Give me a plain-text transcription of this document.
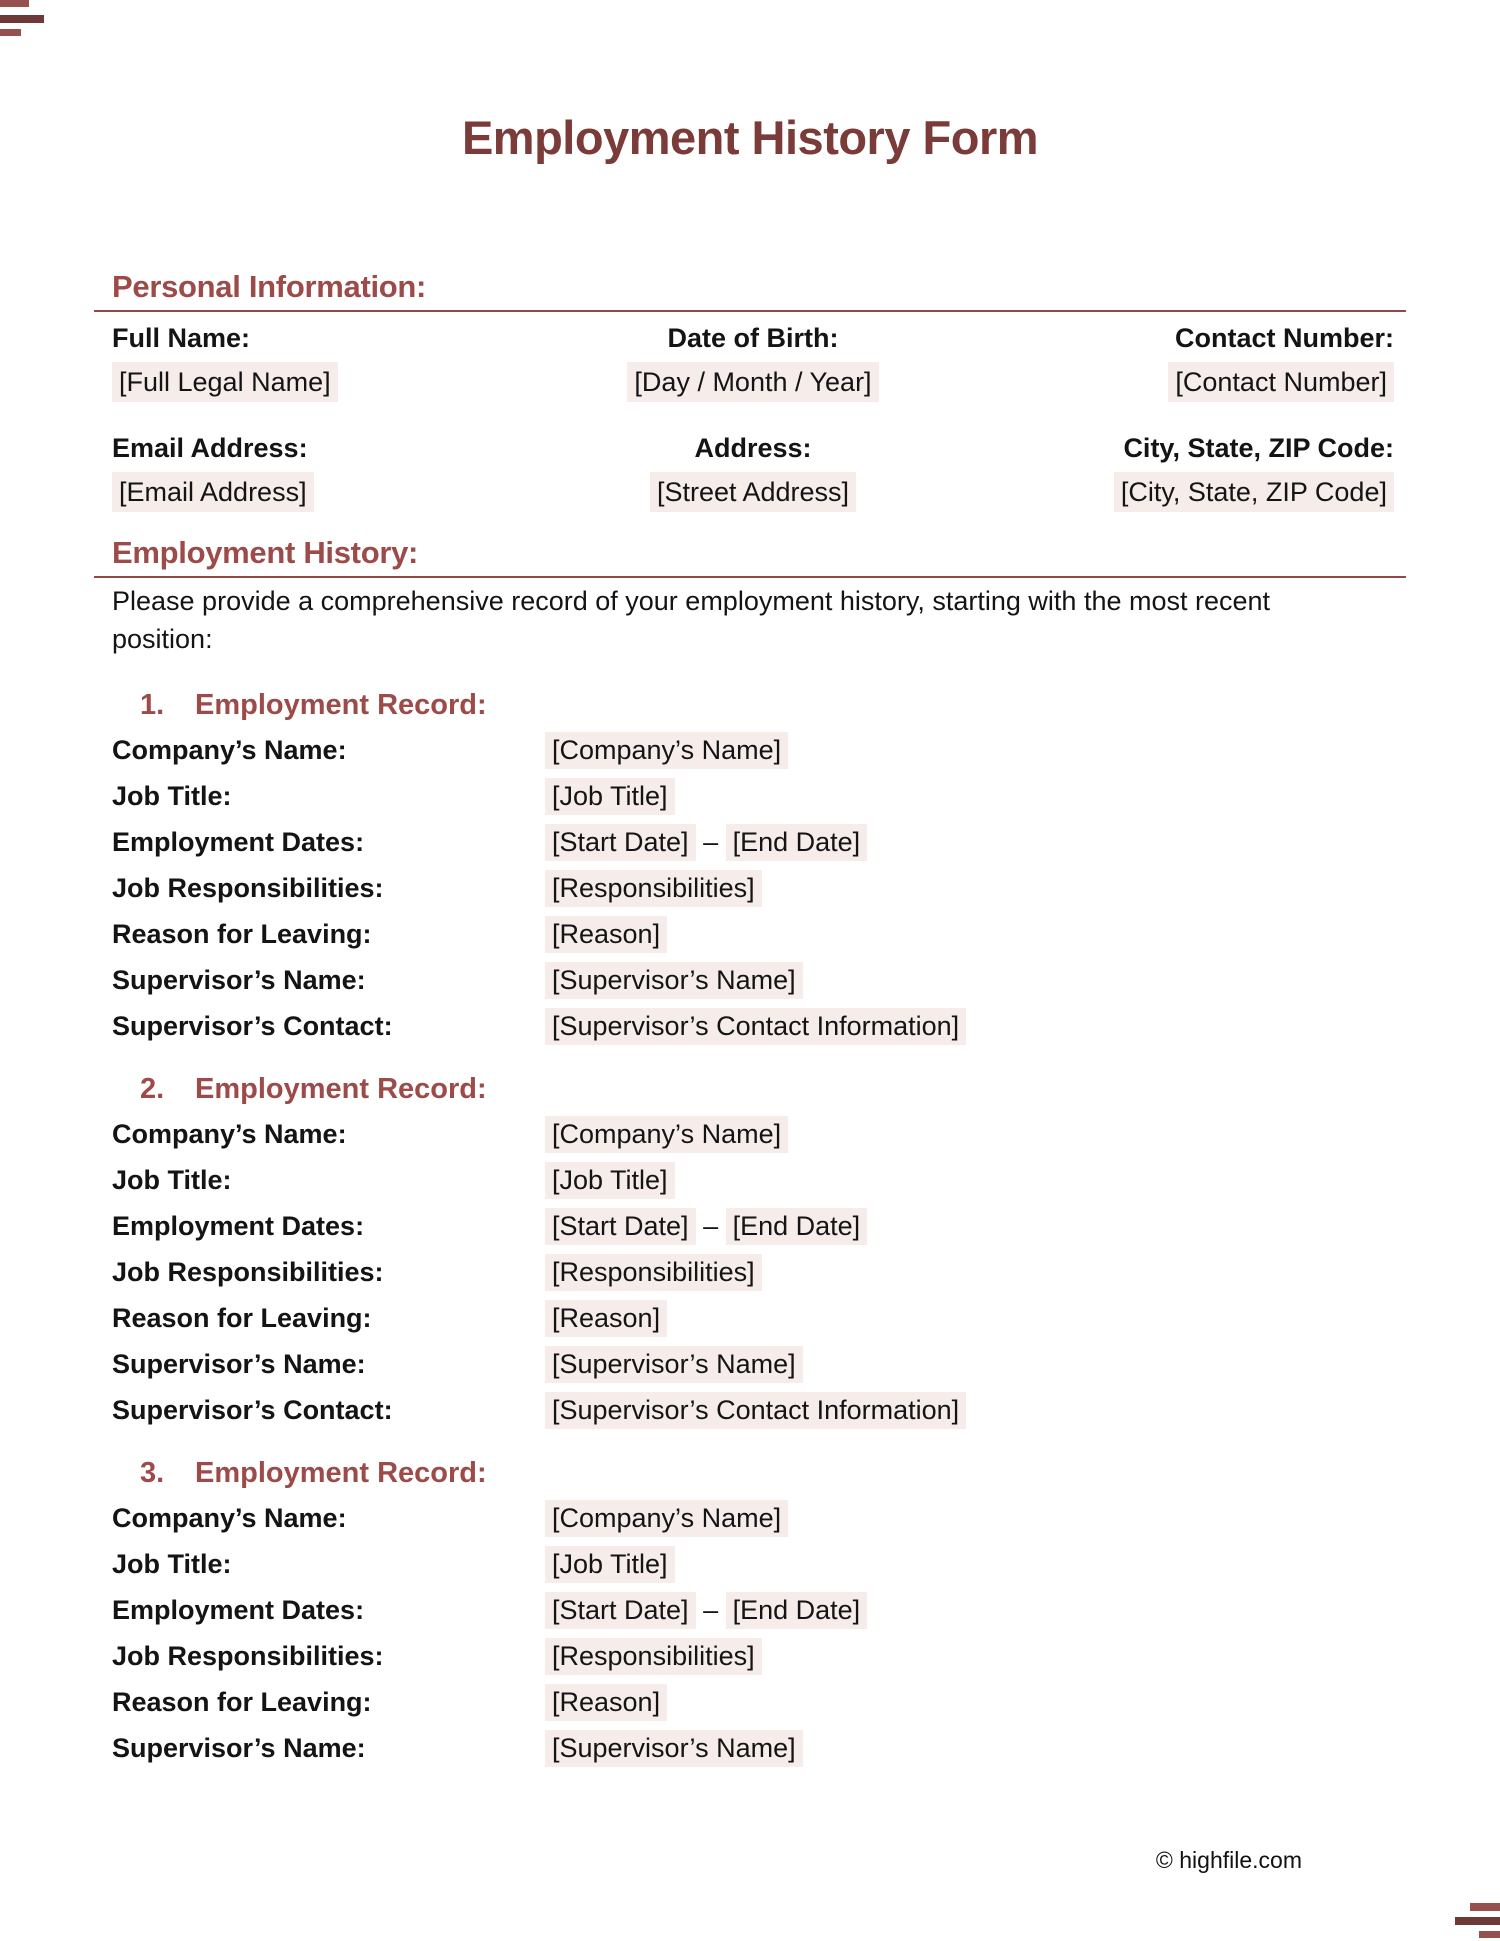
Employment History Form
Personal Information:
Full Name:
[Full Legal Name]
Date of Birth:
[Day / Month / Year]
Contact Number:
[Contact Number]
Email Address:
[Email Address]
Address:
[Street Address]
City, State, ZIP Code:
[City, State, ZIP Code]
Employment History:

Please provide a comprehensive record of your employment history, starting with the most recent position:

1. Employment Record:
Company’s Name:	[Company’s Name]
Job Title:	[Job Title]
Employment Dates:	[Start Date] – [End Date]
Job Responsibilities:	[Responsibilities]
Reason for Leaving:	[Reason]
Supervisor’s Name:	[Supervisor’s Name]
Supervisor’s Contact:	[Supervisor’s Contact Information]
2. Employment Record:
Company’s Name:	[Company’s Name]
Job Title:	[Job Title]
Employment Dates:	[Start Date] – [End Date]
Job Responsibilities:	[Responsibilities]
Reason for Leaving:	[Reason]
Supervisor’s Name:	[Supervisor’s Name]
Supervisor’s Contact:	[Supervisor’s Contact Information]
3. Employment Record:
Company’s Name:	[Company’s Name]
Job Title:	[Job Title]
Employment Dates:	[Start Date] – [End Date]
Job Responsibilities:	[Responsibilities]
Reason for Leaving:	[Reason]
Supervisor’s Name:	[Supervisor’s Name]
© highfile.com
